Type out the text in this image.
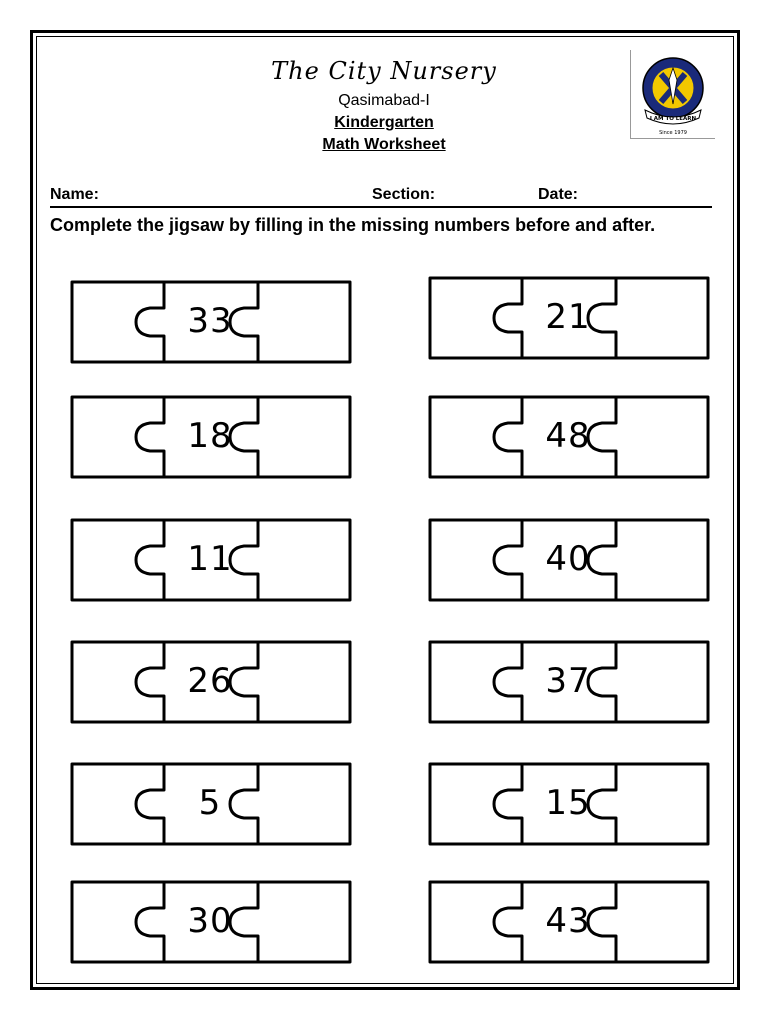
The City Nursery
Qasimabad-I
Kindergarten
Math Worksheet
I AM TO LEARN
Since 1979
Name:	Section:	Date:
Complete the jigsaw by filling in the missing numbers before and after.
33
18
11
26
5
30
21
48
40
37
15
43
